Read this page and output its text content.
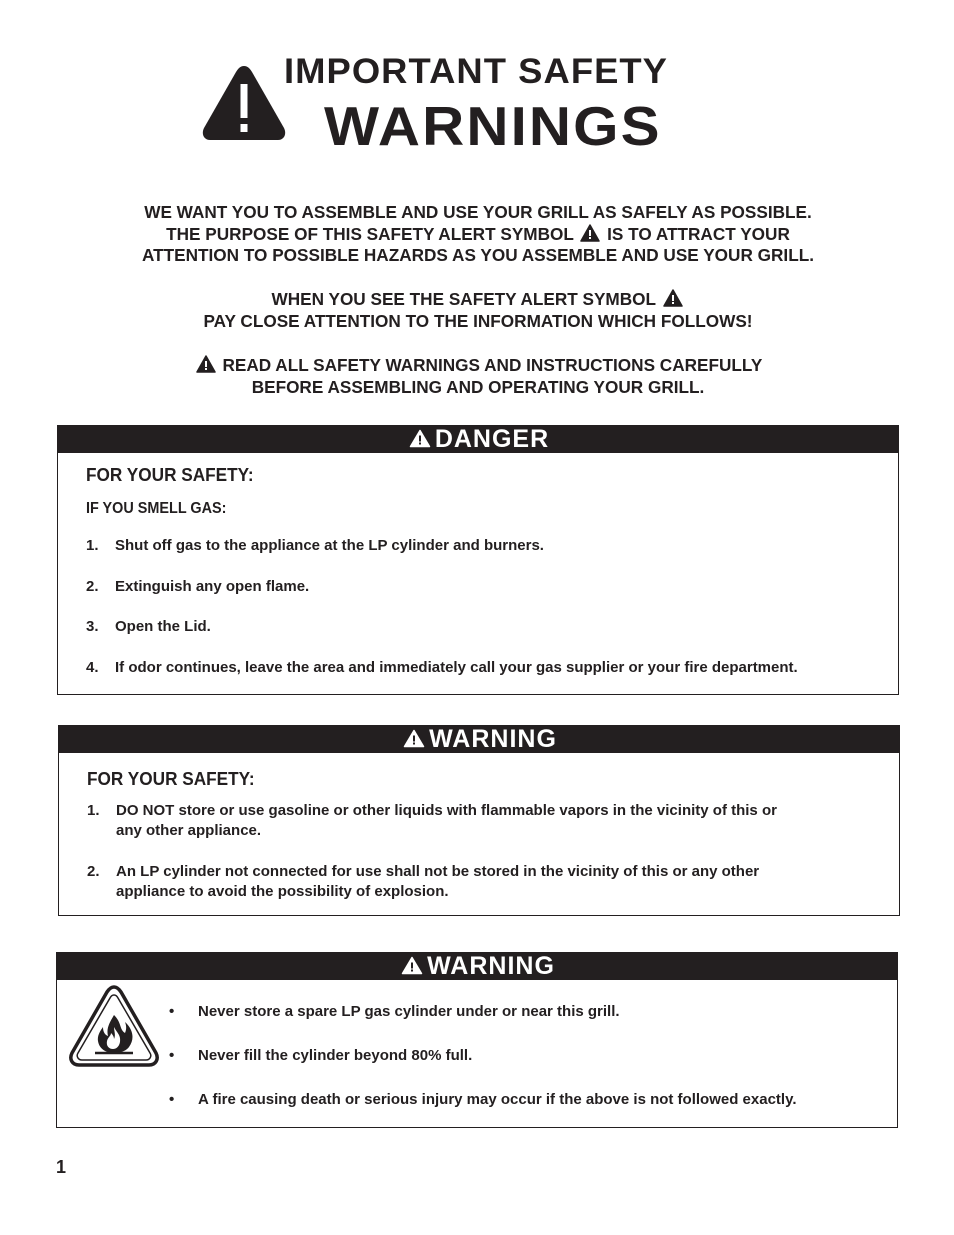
IMPORTANT SAFETY
WARNINGS

WE WANT YOU TO ASSEMBLE AND USE YOUR GRILL AS SAFELY AS POSSIBLE.

THE PURPOSE OF THIS SAFETY ALERT SYMBOL IS TO ATTRACT YOUR

ATTENTION TO POSSIBLE HAZARDS AS YOU ASSEMBLE AND USE YOUR GRILL.

WHEN YOU SEE THE SAFETY ALERT SYMBOL

PAY CLOSE ATTENTION TO THE INFORMATION WHICH FOLLOWS!

READ ALL SAFETY WARNINGS AND INSTRUCTIONS CAREFULLY

BEFORE ASSEMBLING AND OPERATING YOUR GRILL.

DANGER
FOR YOUR SAFETY:
IF YOU SMELL GAS:
1. Shut off gas to the appliance at the LP cylinder and burners.
2. Extinguish any open flame.
3. Open the Lid.
4. If odor continues, leave the area and immediately call your gas supplier or your fire department.
WARNING
FOR YOUR SAFETY:
1. DO NOT store or use gasoline or other liquids with flammable vapors in the vicinity of this or
any other appliance.
2. An LP cylinder not connected for use shall not be stored in the vicinity of this or any other
appliance to avoid the possibility of explosion.
WARNING
• Never store a spare LP gas cylinder under or near this grill.
• Never fill the cylinder beyond 80% full.
• A fire causing death or serious injury may occur if the above is not followed exactly.
1
